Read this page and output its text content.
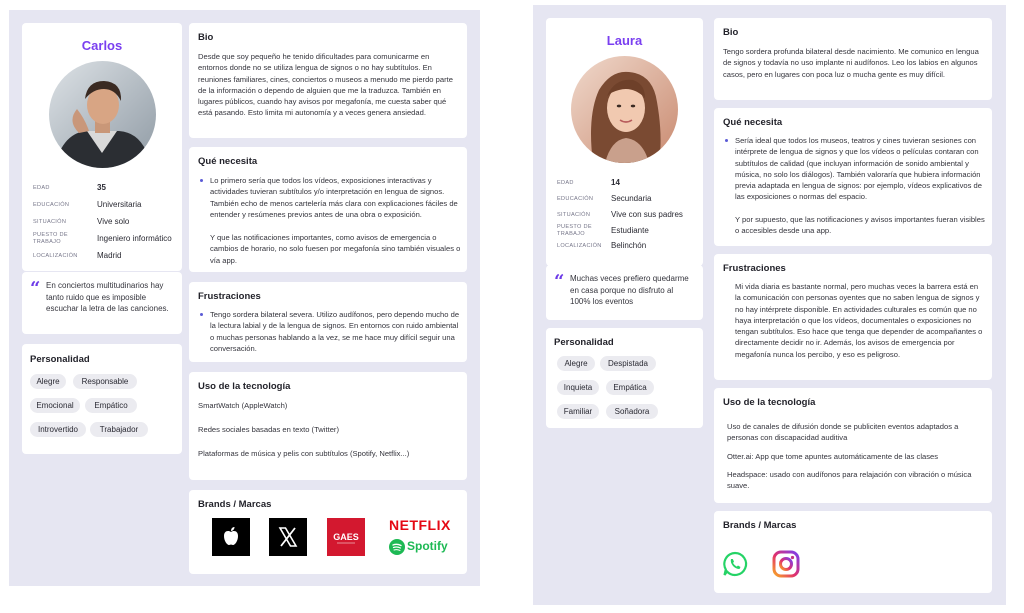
Carlos
EDAD	35
EDUCACIÓN	Universitaria
SITUACIÓN	Vive solo
PUESTO DE TRABAJO	Ingeniero informático
LOCALIZACIÓN Madrid
“ En conciertos multitudinarios hay tanto ruido que es imposible escuchar la letra de las canciones.
Personalidad
Alegre	Responsable
Emocional	Empático
Introvertido	Trabajador
Bio
Desde que soy pequeño he tenido dificultades para comunicarme en entornos donde no se utiliza lengua de signos o no hay subtítulos. En reuniones familiares, cines, conciertos o museos a menudo me pierdo parte de la información o dependo de alguien que me la traduzca. También en lugares públicos, cuando hay avisos por megafonía, me cuesta saber qué está pasando. Esto limita mi autonomía y a veces genera ansiedad.
Qué necesita
Lo primero sería que todos los vídeos, exposiciones interactivas y actividades tuvieran subtítulos y/o interpretación en lengua de signos. También echo de menos cartelería más clara con explicaciones fáciles de entender y resúmenes previos antes de una obra o exposición.
Y que las notificaciones importantes, como avisos de emergencia o cambios de horario, no solo fuesen por megafonía sino también visuales o vía app.
Frustraciones
Tengo sordera bilateral severa. Utilizo audífonos, pero dependo mucho de la lectura labial y de la lengua de signos. En entornos con ruido ambiental o muchas personas hablando a la vez, se me hace muy difícil seguir una conversación.
Uso de la tecnología
SmartWatch (AppleWatch)
Redes sociales basadas en texto (Twitter)
Plataformas de música y pelis con subtítulos (Spotify, Netflix...)
Brands / Marcas
GAES
NETFLIX
Spotify
Laura
EDAD	14
EDUCACIÓN Secundaria
SITUACIÓN	Vive con sus padres
PUESTO DE TRABAJO	Estudiante
LOCALIZACIÓN Belinchón
“ Muchas veces prefiero quedarme en casa porque no disfruto al 100% los eventos
Personalidad
Alegre	Despistada
Inquieta	Empática
Familiar	Soñadora
Bio
Tengo sordera profunda bilateral desde nacimiento. Me comunico en lengua de signos y todavía no uso implante ni audífonos. Leo los labios en algunos casos, pero en lugares con poca luz o mucha gente es muy difícil.
Qué necesita
Sería ideal que todos los museos, teatros y cines tuvieran sesiones con intérprete de lengua de signos y que los vídeos o películas contaran con subtítulos de calidad (que incluyan información de sonido ambiental y música, no solo los diálogos). También valoraría que hubiera información previa adaptada en lengua de signos: por ejemplo, vídeos explicativos de las exposiciones o normas del espacio.
Y por supuesto, que las notificaciones y avisos importantes fueran visibles o accesibles desde una app.
Frustraciones
Mi vida diaria es bastante normal, pero muchas veces la barrera está en la comunicación con personas oyentes que no saben lengua de signos y no hay intérprete disponible. En actividades culturales es común que no haya interpretación o que los vídeos, documentales o exposiciones no tengan subtítulos. Eso hace que tenga que depender de acompañantes o directamente decidir no ir. Además, los avisos de emergencia por megafonía nunca los percibo, y eso es peligroso.
Uso de la tecnología
Uso de canales de difusión donde se publiciten eventos adaptados a personas con discapacidad auditiva
Otter.ai: App que tome apuntes automáticamente de las clases
Headspace: usado con audífonos para relajación con vibración o música suave.
Brands / Marcas
